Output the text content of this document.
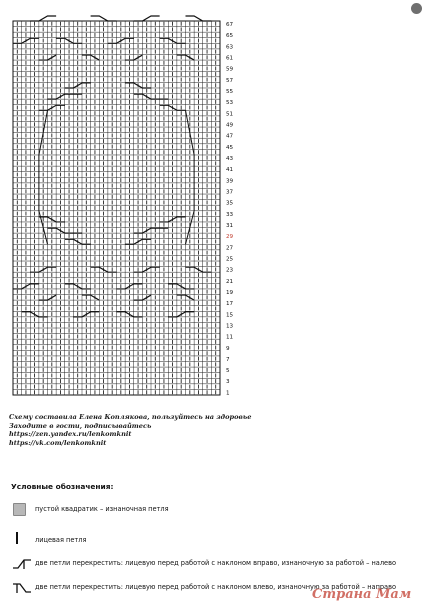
1
3
5
7
9
11
13
15
17
19
21
23
25
27
29
31
33
35
37
39
41
43
45
47
49
51
53
55
57
59
61
63
65
67
Схему составила Елена Коплякова, пользуйтесь на здоровье
Заходите в гости, подписывайтесь
https://zen.yandex.ru/lenkomknit
https://vk.com/lenkomknit
Условные обозначения:
пустой квадратик – изнаночная петля
лицевая петля
две петли перекрестить: лицевую перед работой с наклоном вправо, изнаночную за работой – налево
две петли перекрестить: лицевую перед работой с наклоном влево, изнаночную за работой – направо
Страна Мам
